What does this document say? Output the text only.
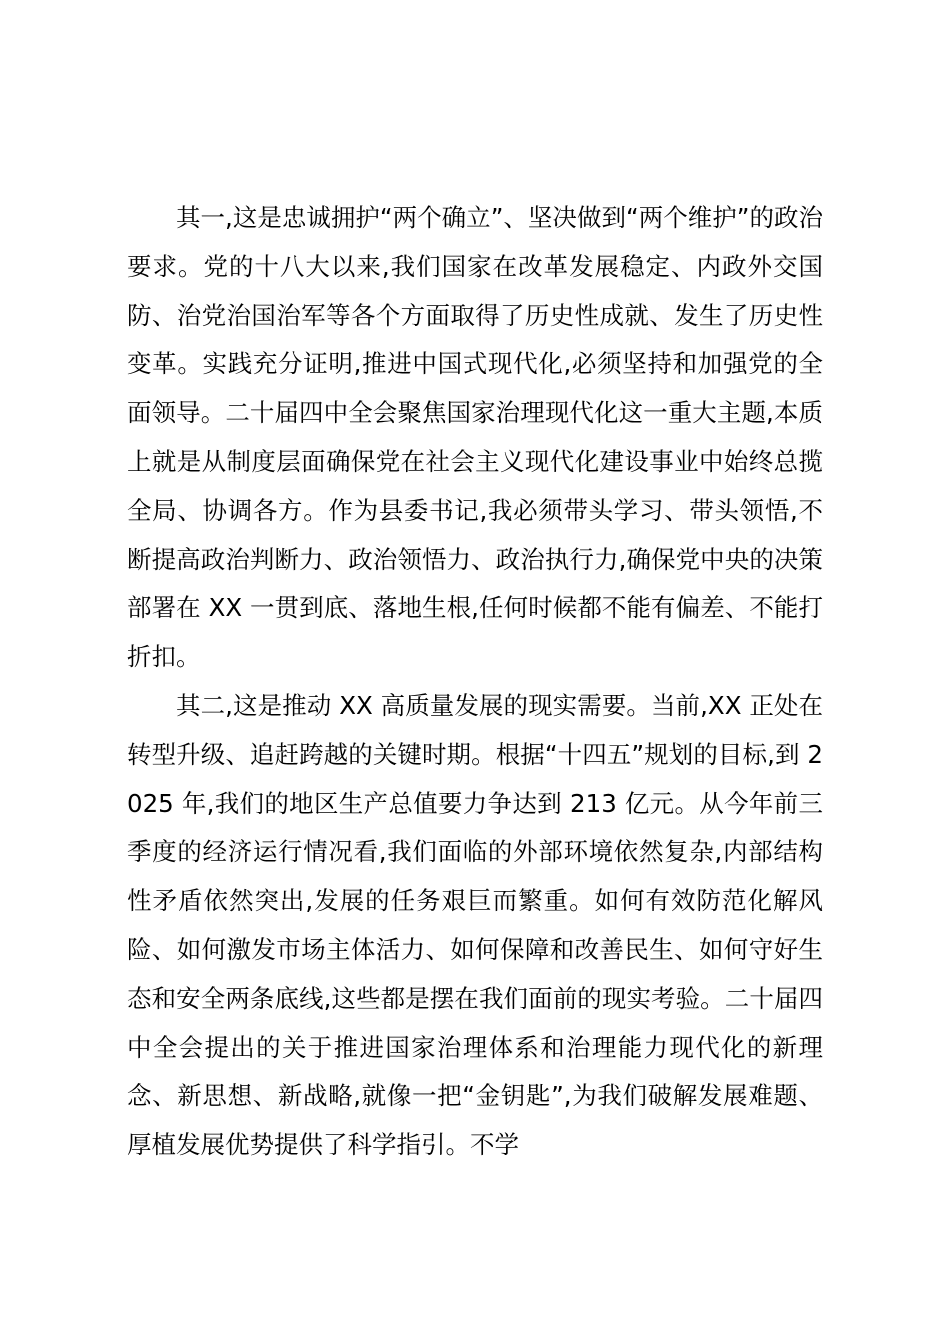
其一,这是忠诚拥护“两个确立”、坚决做到“两个维护”的政治要求。党的十八大以来,我们国家在改革发展稳定、内政外交国防、治党治国治军等各个方面取得了历史性成就、发生了历史性变革。实践充分证明,推进中国式现代化,必须坚持和加强党的全面领导。二十届四中全会聚焦国家治理现代化这一重大主题,本质上就是从制度层面确保党在社会主义现代化建设事业中始终总揽全局、协调各方。作为县委书记,我必须带头学习、带头领悟,不断提高政治判断力、政治领悟力、政治执行力,确保党中央的决策部署在 XX 一贯到底、落地生根,任何时候都不能有偏差、不能打折扣。

其二,这是推动 XX 高质量发展的现实需要。当前,XX 正处在转型升级、追赶跨越的关键时期。根据“十四五”规划的目标,到 2025 年,我们的地区生产总值要力争达到 213 亿元。从今年前三季度的经济运行情况看,我们面临的外部环境依然复杂,内部结构性矛盾依然突出,发展的任务艰巨而繁重。如何有效防范化解风险、如何激发市场主体活力、如何保障和改善民生、如何守好生态和安全两条底线,这些都是摆在我们面前的现实考验。二十届四中全会提出的关于推进国家治理体系和治理能力现代化的新理念、新思想、新战略,就像一把“金钥匙”,为我们破解发展难题、厚植发展优势提供了科学指引。不学
